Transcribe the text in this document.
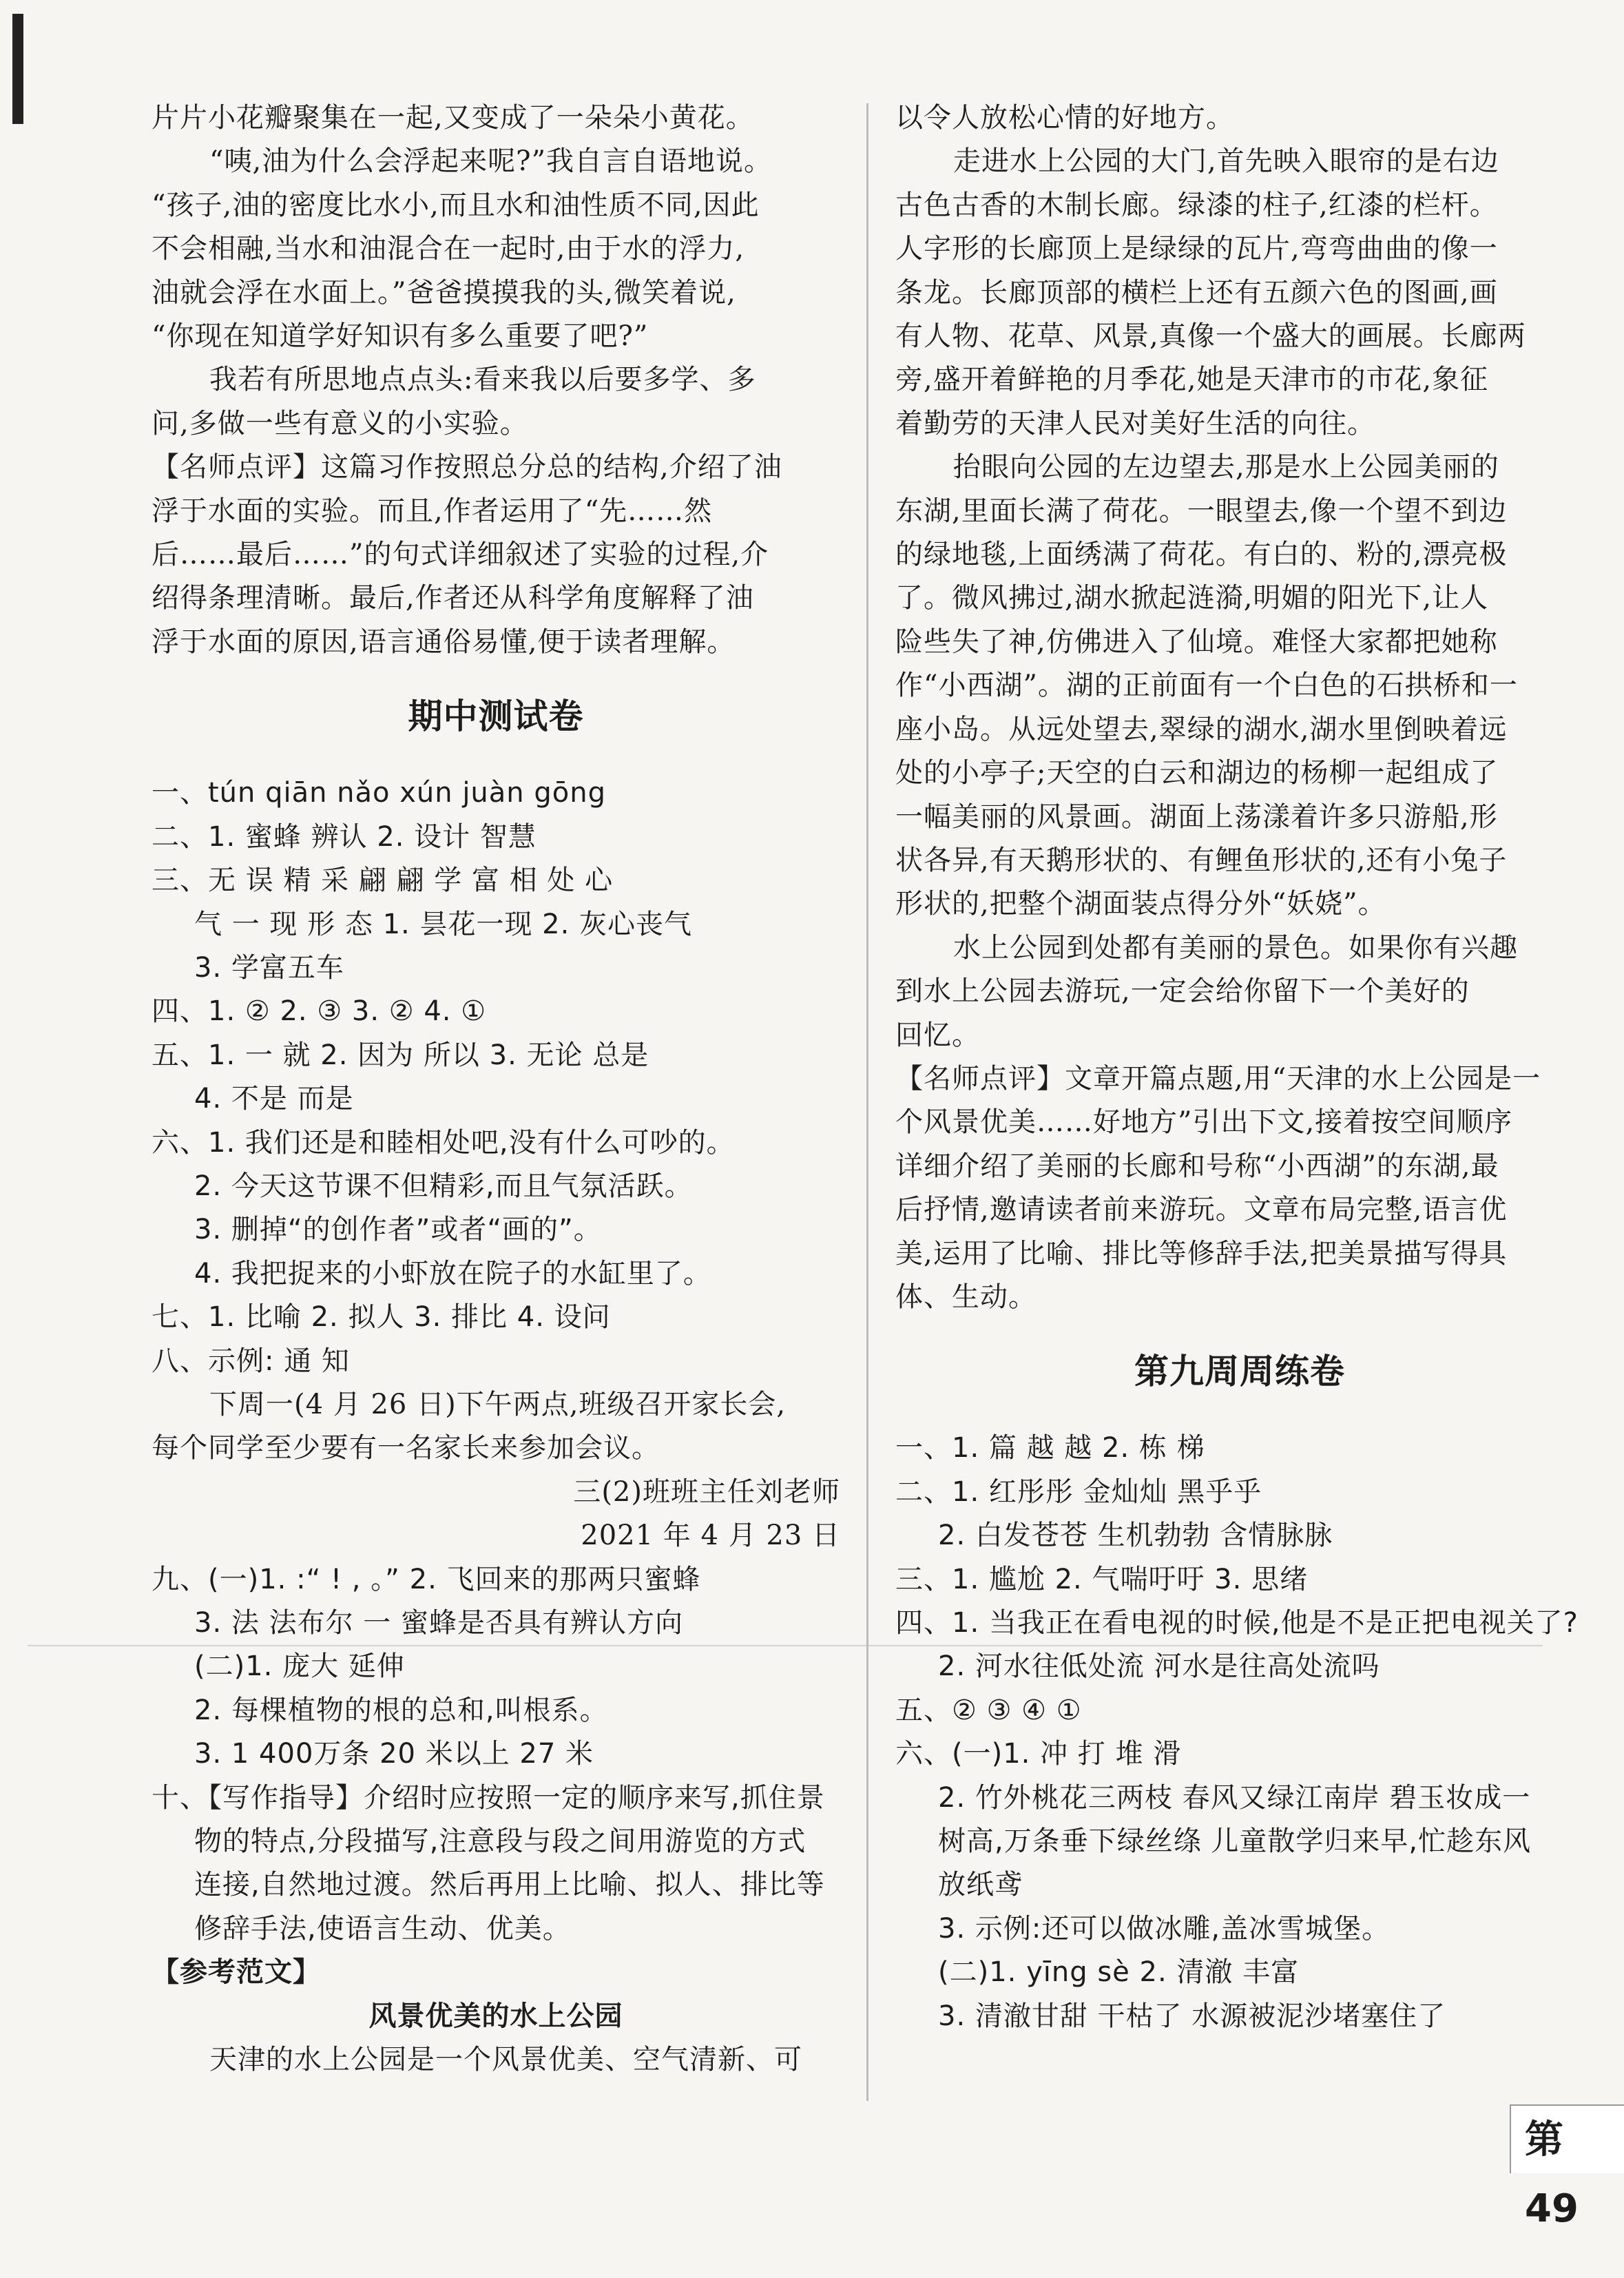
片片小花瓣聚集在一起,又变成了一朵朵小黄花。
“咦,油为什么会浮起来呢?”我自言自语地说。
“孩子,油的密度比水小,而且水和油性质不同,因此
不会相融,当水和油混合在一起时,由于水的浮力,
油就会浮在水面上。”爸爸摸摸我的头,微笑着说,
“你现在知道学好知识有多么重要了吧?”
我若有所思地点点头:看来我以后要多学、多
问,多做一些有意义的小实验。
【名师点评】这篇习作按照总分总的结构,介绍了油
浮于水面的实验。而且,作者运用了“先……然
后……最后……”的句式详细叙述了实验的过程,介
绍得条理清晰。最后,作者还从科学角度解释了油
浮于水面的原因,语言通俗易懂,便于读者理解。
期中测试卷
一、tún qiān nǎo xún juàn gōng
二、1. 蜜蜂 辨认 2. 设计 智慧
三、无 误 精 采 翩 翩 学 富 相 处 心
气 一 现 形 态 1. 昙花一现 2. 灰心丧气
3. 学富五车
四、1. ② 2. ③ 3. ② 4. ①
五、1. 一 就 2. 因为 所以 3. 无论 总是
4. 不是 而是
六、1. 我们还是和睦相处吧,没有什么可吵的。
2. 今天这节课不但精彩,而且气氛活跃。
3. 删掉“的创作者”或者“画的”。
4. 我把捉来的小虾放在院子的水缸里了。
七、1. 比喻 2. 拟人 3. 排比 4. 设问
八、示例: 通 知
下周一(4 月 26 日)下午两点,班级召开家长会,
每个同学至少要有一名家长来参加会议。
三(2)班班主任刘老师
2021 年 4 月 23 日
九、(一)1. :“ ! , 。” 2. 飞回来的那两只蜜蜂
3. 法 法布尔 一 蜜蜂是否具有辨认方向
(二)1. 庞大 延伸
2. 每棵植物的根的总和,叫根系。
3. 1 400万条 20 米以上 27 米
十、【写作指导】介绍时应按照一定的顺序来写,抓住景
物的特点,分段描写,注意段与段之间用游览的方式
连接,自然地过渡。然后再用上比喻、拟人、排比等
修辞手法,使语言生动、优美。
【参考范文】
风景优美的水上公园
天津的水上公园是一个风景优美、空气清新、可
以令人放松心情的好地方。
走进水上公园的大门,首先映入眼帘的是右边
古色古香的木制长廊。绿漆的柱子,红漆的栏杆。
人字形的长廊顶上是绿绿的瓦片,弯弯曲曲的像一
条龙。长廊顶部的横栏上还有五颜六色的图画,画
有人物、花草、风景,真像一个盛大的画展。长廊两
旁,盛开着鲜艳的月季花,她是天津市的市花,象征
着勤劳的天津人民对美好生活的向往。
抬眼向公园的左边望去,那是水上公园美丽的
东湖,里面长满了荷花。一眼望去,像一个望不到边
的绿地毯,上面绣满了荷花。有白的、粉的,漂亮极
了。微风拂过,湖水掀起涟漪,明媚的阳光下,让人
险些失了神,仿佛进入了仙境。难怪大家都把她称
作“小西湖”。湖的正前面有一个白色的石拱桥和一
座小岛。从远处望去,翠绿的湖水,湖水里倒映着远
处的小亭子;天空的白云和湖边的杨柳一起组成了
一幅美丽的风景画。湖面上荡漾着许多只游船,形
状各异,有天鹅形状的、有鲤鱼形状的,还有小兔子
形状的,把整个湖面装点得分外“妖娆”。
水上公园到处都有美丽的景色。如果你有兴趣
到水上公园去游玩,一定会给你留下一个美好的
回忆。
【名师点评】文章开篇点题,用“天津的水上公园是一
个风景优美……好地方”引出下文,接着按空间顺序
详细介绍了美丽的长廊和号称“小西湖”的东湖,最
后抒情,邀请读者前来游玩。文章布局完整,语言优
美,运用了比喻、排比等修辞手法,把美景描写得具
体、生动。
第九周周练卷
一、1. 篇 越 越 2. 栋 梯
二、1. 红彤彤 金灿灿 黑乎乎
2. 白发苍苍 生机勃勃 含情脉脉
三、1. 尴尬 2. 气喘吁吁 3. 思绪
四、1. 当我正在看电视的时候,他是不是正把电视关了?
2. 河水往低处流 河水是往高处流吗
五、② ③ ④ ①
六、(一)1. 冲 打 堆 滑
2. 竹外桃花三两枝 春风又绿江南岸 碧玉妆成一
树高,万条垂下绿丝绦 儿童散学归来早,忙趁东风
放纸鸢
3. 示例:还可以做冰雕,盖冰雪城堡。
(二)1. yīng sè 2. 清澈 丰富
3. 清澈甘甜 干枯了 水源被泥沙堵塞住了
第 49
